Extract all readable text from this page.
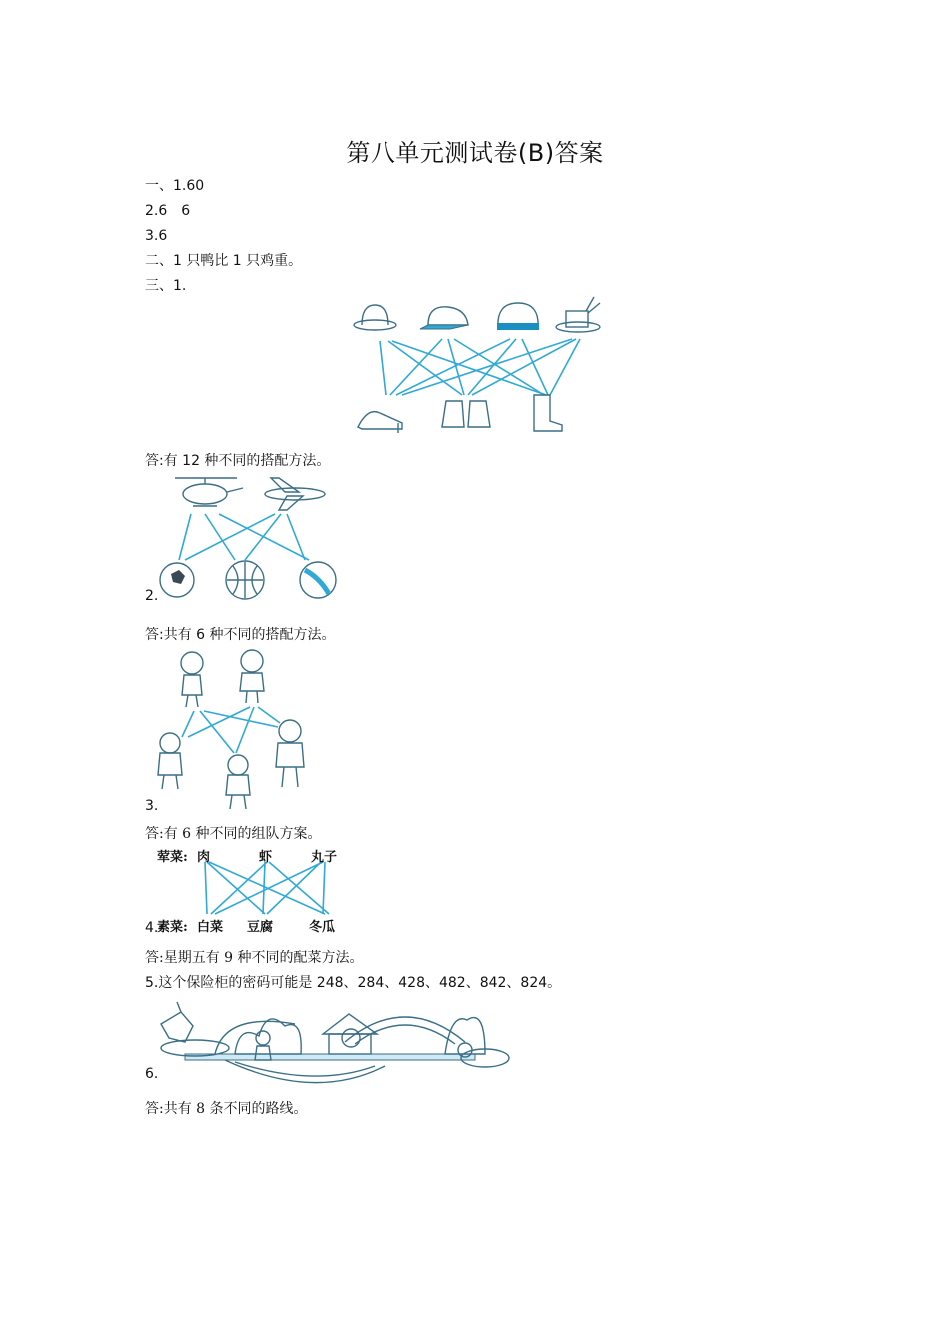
第八单元测试卷(B)答案
一、1.60
2.6　6
3.6
二、1 只鸭比 1 只鸡重。
三、1.
答:有 12 种不同的搭配方法。
2.
答:共有 6 种不同的搭配方法。
3.
答:有 6 种不同的组队方案。
荤菜: 肉	虾	丸子
素菜: 白菜 豆腐	冬瓜
4.
答:星期五有 9 种不同的配菜方法。
5.这个保险柜的密码可能是 248、284、428、482、842、824。
6.
答:共有 8 条不同的路线。
